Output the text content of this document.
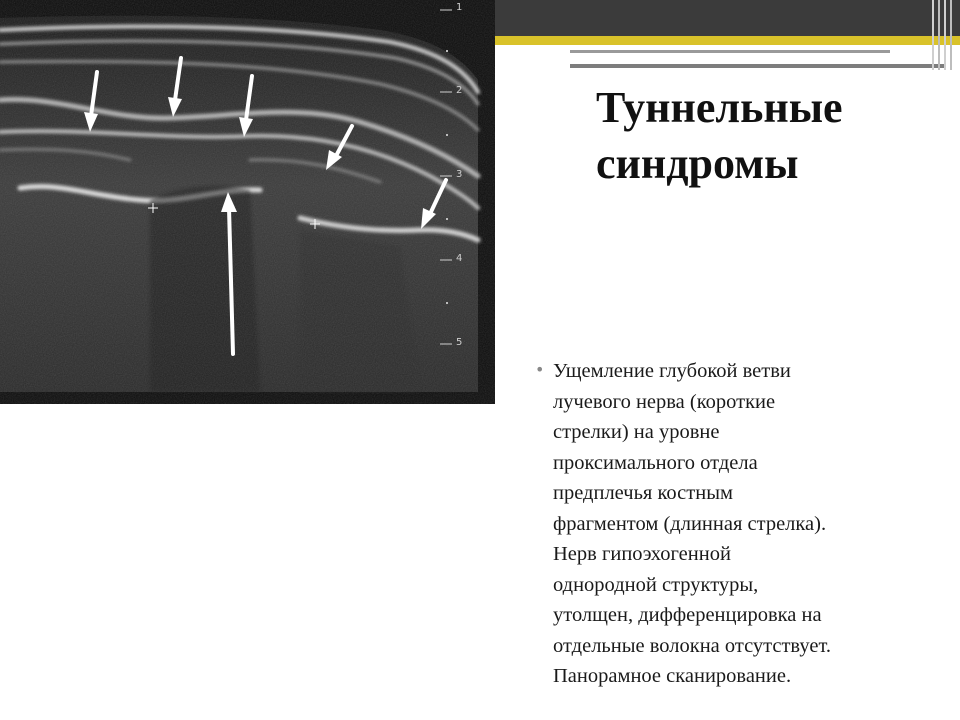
1
2
3
4
5
Туннельные
синдромы
• Ущемление глубокой ветви
лучевого нерва (короткие
стрелки) на уровне
проксимального отдела
предплечья костным
фрагментом (длинная стрелка).
Нерв гипоэхогенной
однородной структуры,
утолщен, дифференцировка на
отдельные волокна отсутствует.
Панорамное сканирование.
